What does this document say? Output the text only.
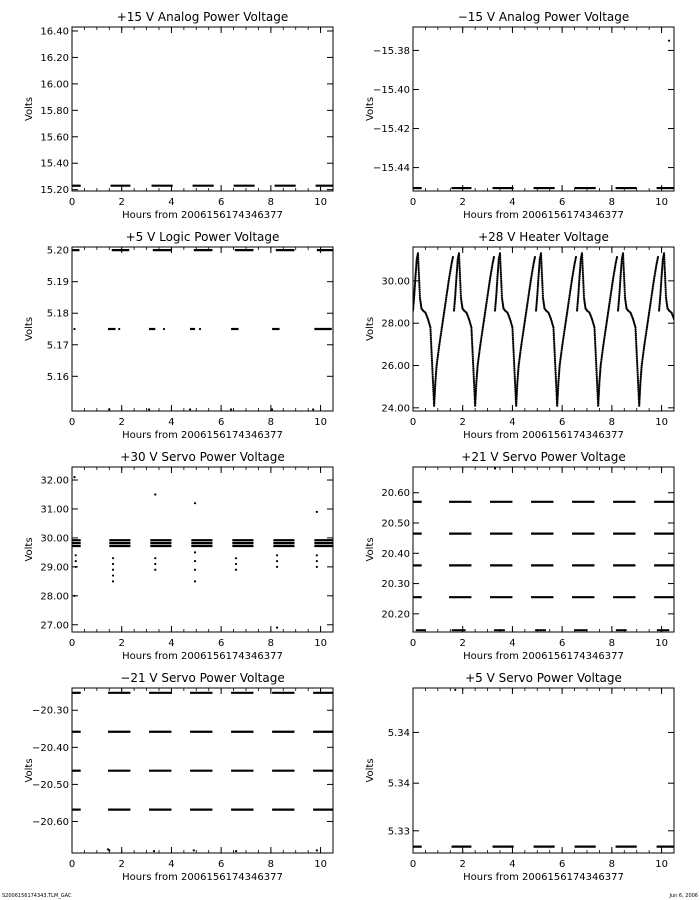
+15 V Analog Power Voltage
0	2	4	6	8	10
15.20
15.40
15.60
15.80
16.00
16.20
16.40
Hours from 2006156174346377
Volts
−15 V Analog Power Voltage
0	2	4	6	8	10
−15.38
−15.40
−15.42
−15.44
Hours from 2006156174346377
Volts
+5 V Logic Power Voltage
0	2	4	6	8	10
5.16
5.17
5.18
5.19
5.20
Hours from 2006156174346377
Volts
+28 V Heater Voltage
0	2	4	6	8	10
24.00
26.00
28.00
30.00
Hours from 2006156174346377
Volts
+30 V Servo Power Voltage
0	2	4	6	8	10
27.00
28.00
29.00
30.00
31.00
32.00
Hours from 2006156174346377
Volts
+21 V Servo Power Voltage
0	2	4	6	8	10
20.20
20.30
20.40
20.50
20.60
Hours from 2006156174346377
Volts
−21 V Servo Power Voltage
0	2	4	6	8	10
−20.60
−20.50
−20.40
−20.30
Hours from 2006156174346377
Volts
+5 V Servo Power Voltage
0	2	4	6	8	10
5.33
5.34
5.34
Hours from 2006156174346377
Volts
S2006156174343.TLM_GAC	Jun 6, 2006
